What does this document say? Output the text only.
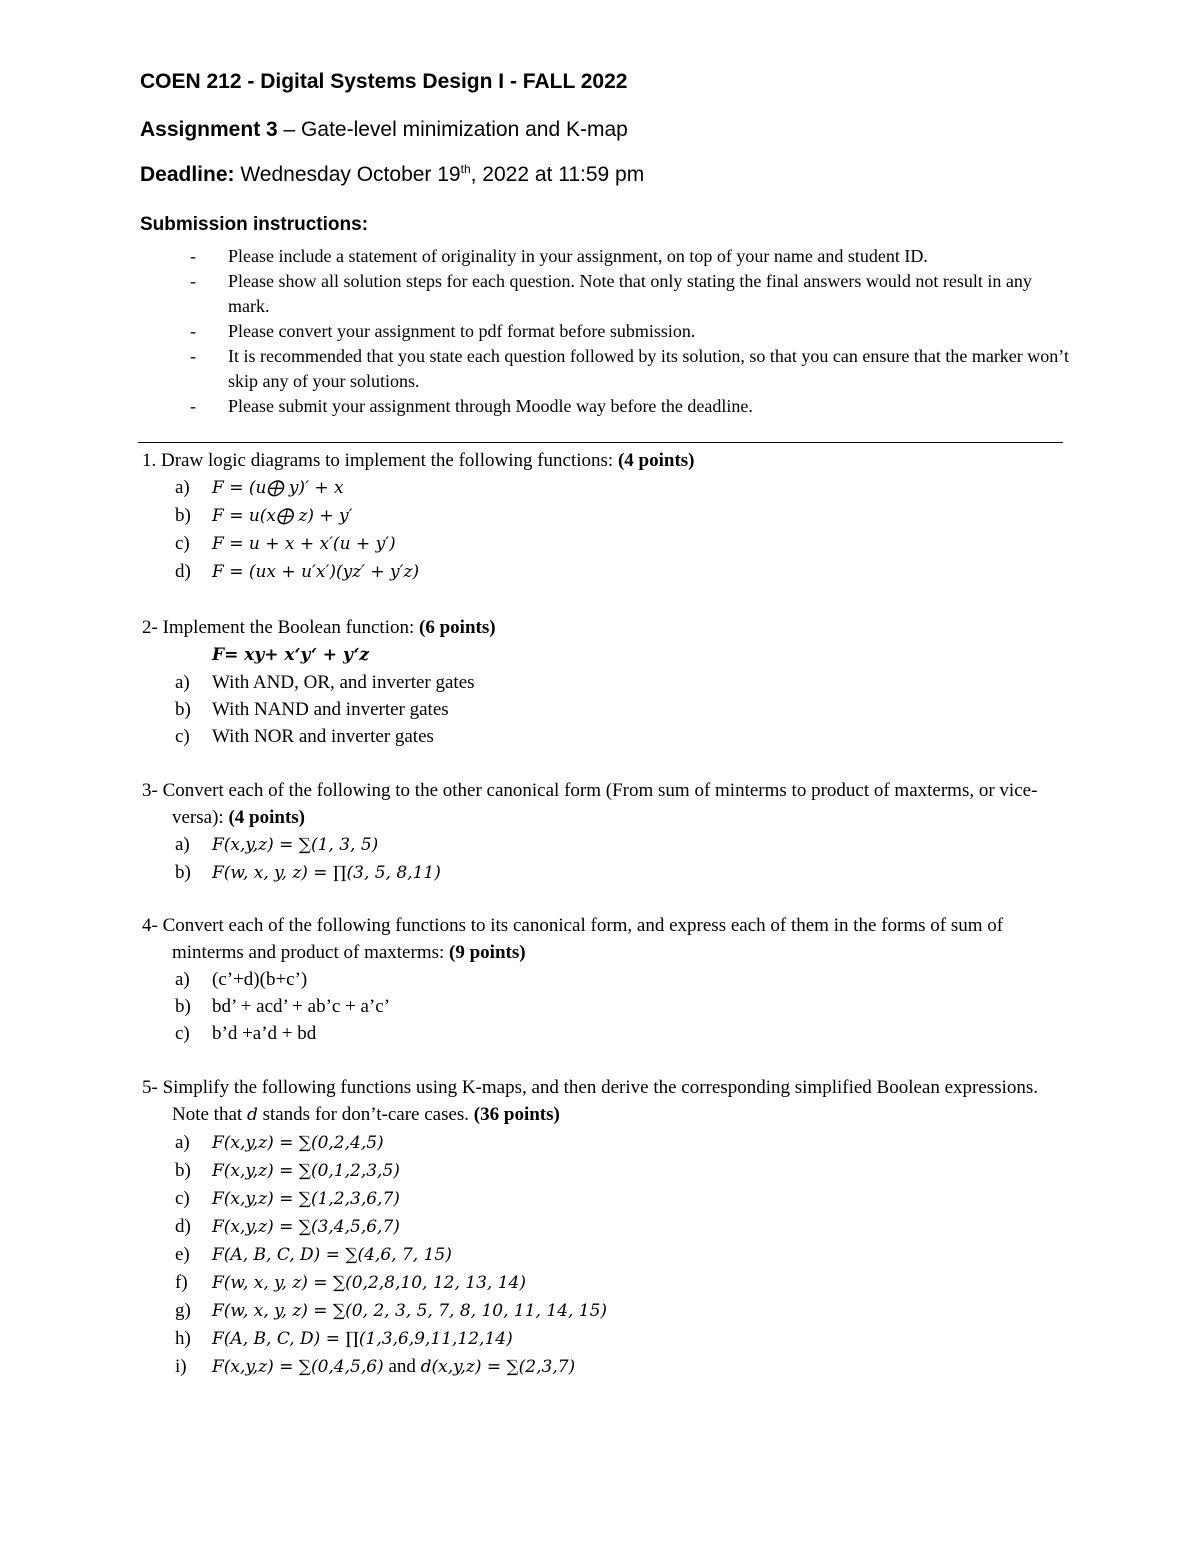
COEN 212 - Digital Systems Design I - FALL 2022
Assignment 3 – Gate-level minimization and K-map
Deadline: Wednesday October 19th, 2022 at 11:59 pm
Submission instructions:
- Please include a statement of originality in your assignment, on top of your name and student ID.
- Please show all solution steps for each question. Note that only stating the final answers would not result in any mark.
- Please convert your assignment to pdf format before submission.
- It is recommended that you state each question followed by its solution, so that you can ensure that the marker won’t skip any of your solutions.
- Please submit your assignment through Moodle way before the deadline.
1. Draw logic diagrams to implement the following functions: (4 points)
a) F = (u⨁ y)′ + x
b) F = u(x⨁ z) + y′
c) F = u + x + x′(u + y′)
d) F = (ux + u′x′)(yz′ + y′z)
2- Implement the Boolean function: (6 points)
F= xy+ x‘y‘ + y‘z
a) With AND, OR, and inverter gates
b) With NAND and inverter gates
c) With NOR and inverter gates
3- Convert each of the following to the other canonical form (From sum of minterms to product of maxterms, or vice-versa): (4 points)
a) F(x,y,z) = ∑(1, 3, 5)
b) F(w, x, y, z) = ∏(3, 5, 8,11)
4- Convert each of the following functions to its canonical form, and express each of them in the forms of sum of minterms and product of maxterms: (9 points)
a) (c’+d)(b+c’)
b) bd’ + acd’ + ab’c + a’c’
c) b’d +a’d + bd
5- Simplify the following functions using K-maps, and then derive the corresponding simplified Boolean expressions. Note that d stands for don’t-care cases. (36 points)
a) F(x,y,z) = ∑(0,2,4,5)
b) F(x,y,z) = ∑(0,1,2,3,5)
c) F(x,y,z) = ∑(1,2,3,6,7)
d) F(x,y,z) = ∑(3,4,5,6,7)
e) F(A, B, C, D) = ∑(4,6, 7, 15)
f) F(w, x, y, z) = ∑(0,2,8,10, 12, 13, 14)
g) F(w, x, y, z) = ∑(0, 2, 3, 5, 7, 8, 10, 11, 14, 15)
h) F(A, B, C, D) = ∏(1,3,6,9,11,12,14)
i) F(x,y,z) = ∑(0,4,5,6) and d(x,y,z) = ∑(2,3,7)
